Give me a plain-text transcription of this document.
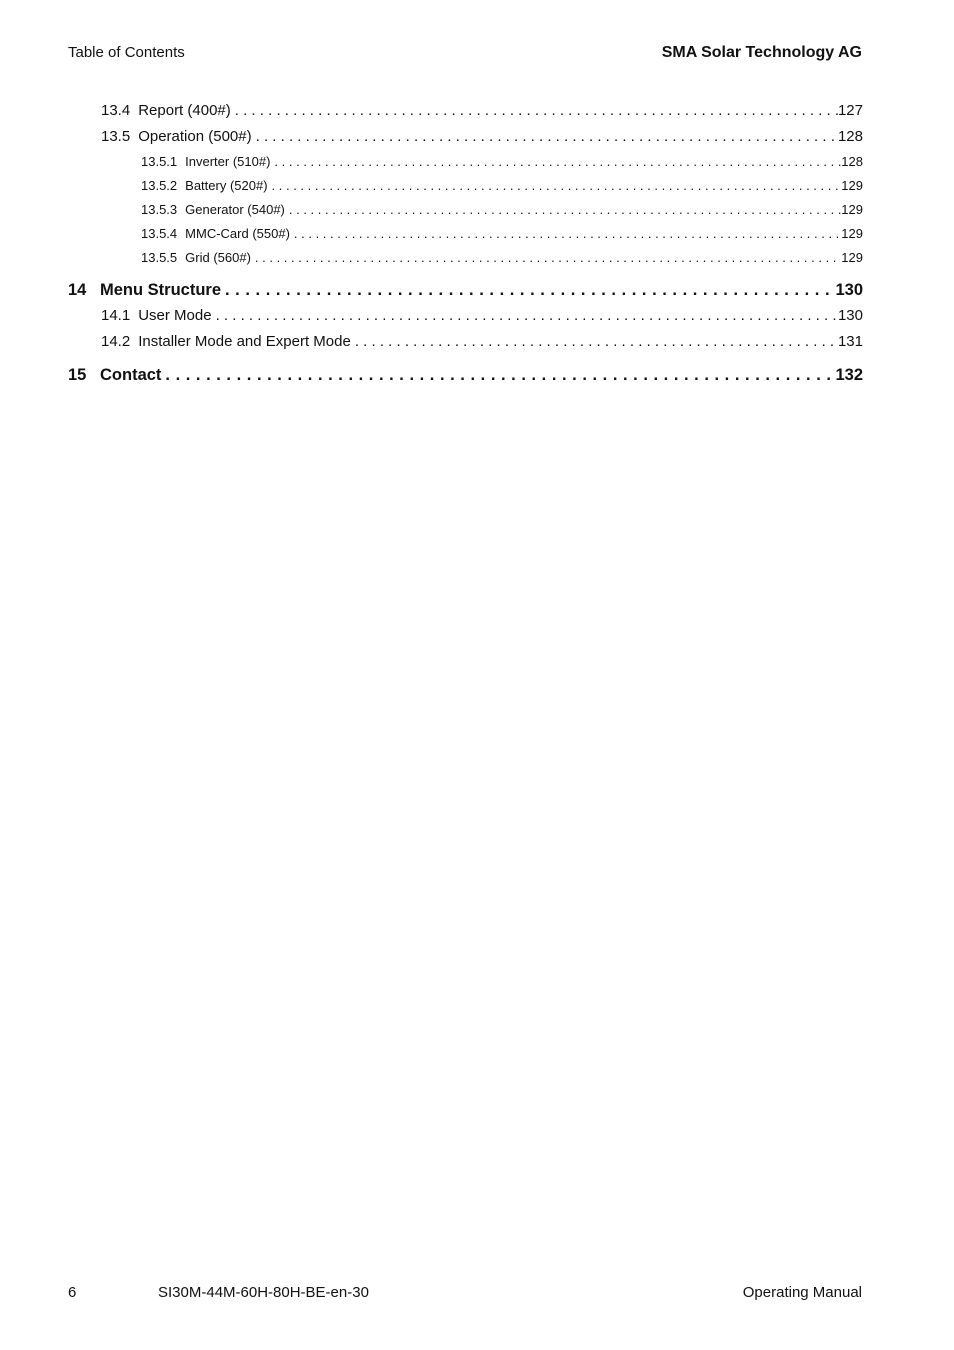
Table of Contents	SMA Solar Technology AG
13.4 Report (400#) . . .	127
13.5 Operation (500#) . . .	128
13.5.1 Inverter (510#) . . .	128
13.5.2 Battery (520#) . . .	129
13.5.3 Generator (540#) . . .	129
13.5.4 MMC-Card (550#) . . .	129
13.5.5 Grid (560#) . . .	129
14 Menu Structure . . .	130
14.1 User Mode . . .	130
14.2 Installer Mode and Expert Mode . . .	131
15 Contact . . .	132
6	SI30M-44M-60H-80H-BE-en-30	Operating Manual
